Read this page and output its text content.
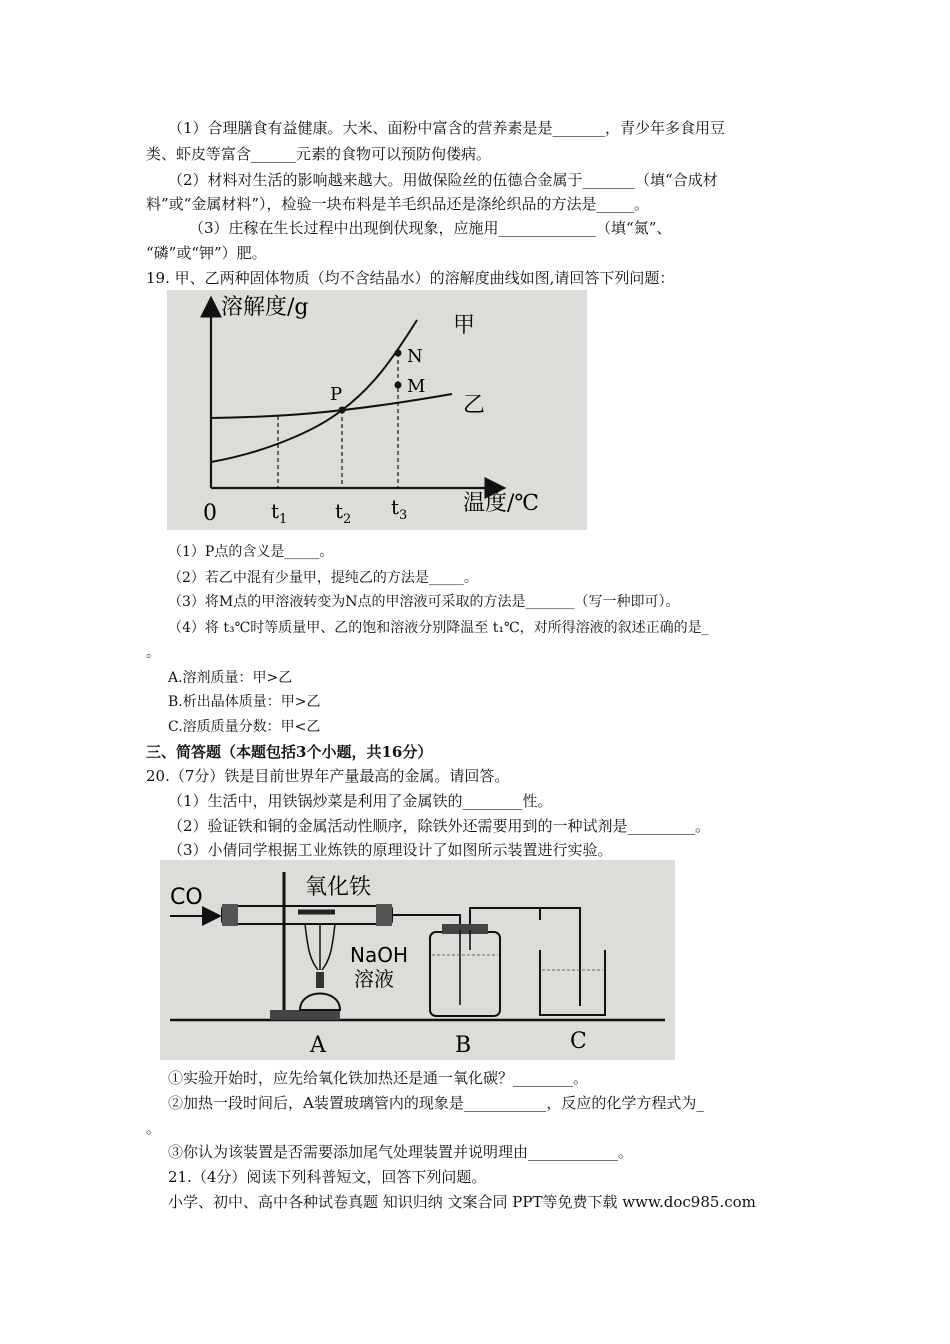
（1）合理膳食有益健康。大米、面粉中富含的营养素是是_______，青少年多食用豆
类、虾皮等富含______元素的食物可以预防佝偻病。
（2）材料对生活的影响越来越大。用做保险丝的伍德合金属于_______（填“合成材
料”或“金属材料”），检验一块布料是羊毛织品还是涤纶织品的方法是_____。
（3）庄稼在生长过程中出现倒伏现象，应施用_____________（填“氮”、
“磷”或“钾”）肥。
19. 甲、乙两种固体物质（均不含结晶水）的溶解度曲线如图,请回答下列问题：
溶解度/g
温度/℃
0	$t_1$ $t_2$
$t_3$
甲
乙
P
N
M
（1）P点的含义是_____。
（2）若乙中混有少量甲，提纯乙的方法是_____。
（3）将M点的甲溶液转变为N点的甲溶液可采取的方法是_______（写一种即可）。
（4）将 t₃℃时等质量甲、乙的饱和溶液分别降温至 t₁℃，对所得溶液的叙述正确的是_
。
A.溶剂质量：甲>乙
B.析出晶体质量：甲>乙
C.溶质质量分数：甲<乙
三、简答题（本题包括3个小题，共16分）
20.（7分）铁是目前世界年产量最高的金属。请回答。
（1）生活中，用铁锅炒菜是利用了金属铁的________性。
（2）验证铁和铜的金属活动性顺序，除铁外还需要用到的一种试剂是_________。
（3）小倩同学根据工业炼铁的原理设计了如图所示装置进行实验。
CO	氧化铁
NaOH
溶液
A	B	C
①实验开始时，应先给氧化铁加热还是通一氧化碳？________。
②加热一段时间后，A装置玻璃管内的现象是___________，反应的化学方程式为_
。
③你认为该装置是否需要添加尾气处理装置并说明理由____________。
21.（4分）阅读下列科普短文，回答下列问题。
小学、初中、高中各种试卷真题 知识归纳 文案合同 PPT等免费下载 www.doc985.com
